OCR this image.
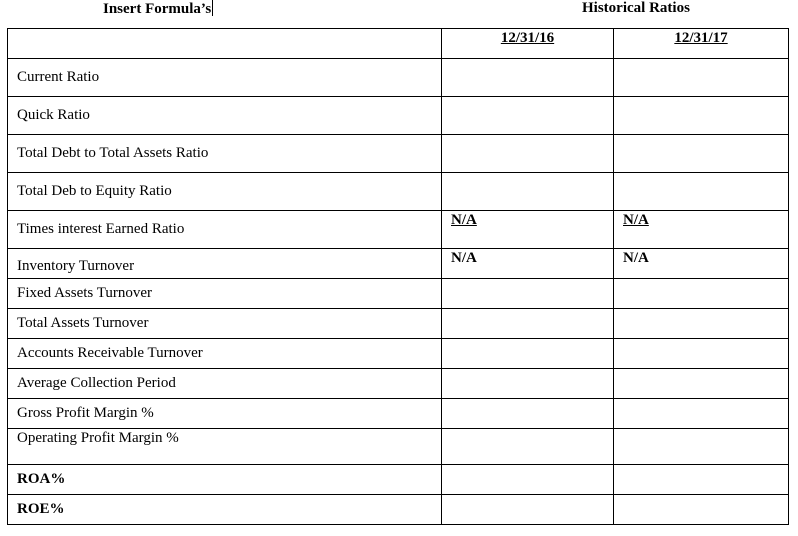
Insert Formula’s	Historical Ratios
	12/31/16	12/31/17
Current Ratio		
Quick Ratio		
Total Debt to Total Assets Ratio		
Total Deb to Equity Ratio		
Times interest Earned Ratio	N/A	N/A
Inventory Turnover	N/A	N/A
Fixed Assets Turnover		
Total Assets Turnover		
Accounts Receivable Turnover		
Average Collection Period		
Gross Profit Margin %		
Operating Profit Margin %		
ROA%		
ROE%		
